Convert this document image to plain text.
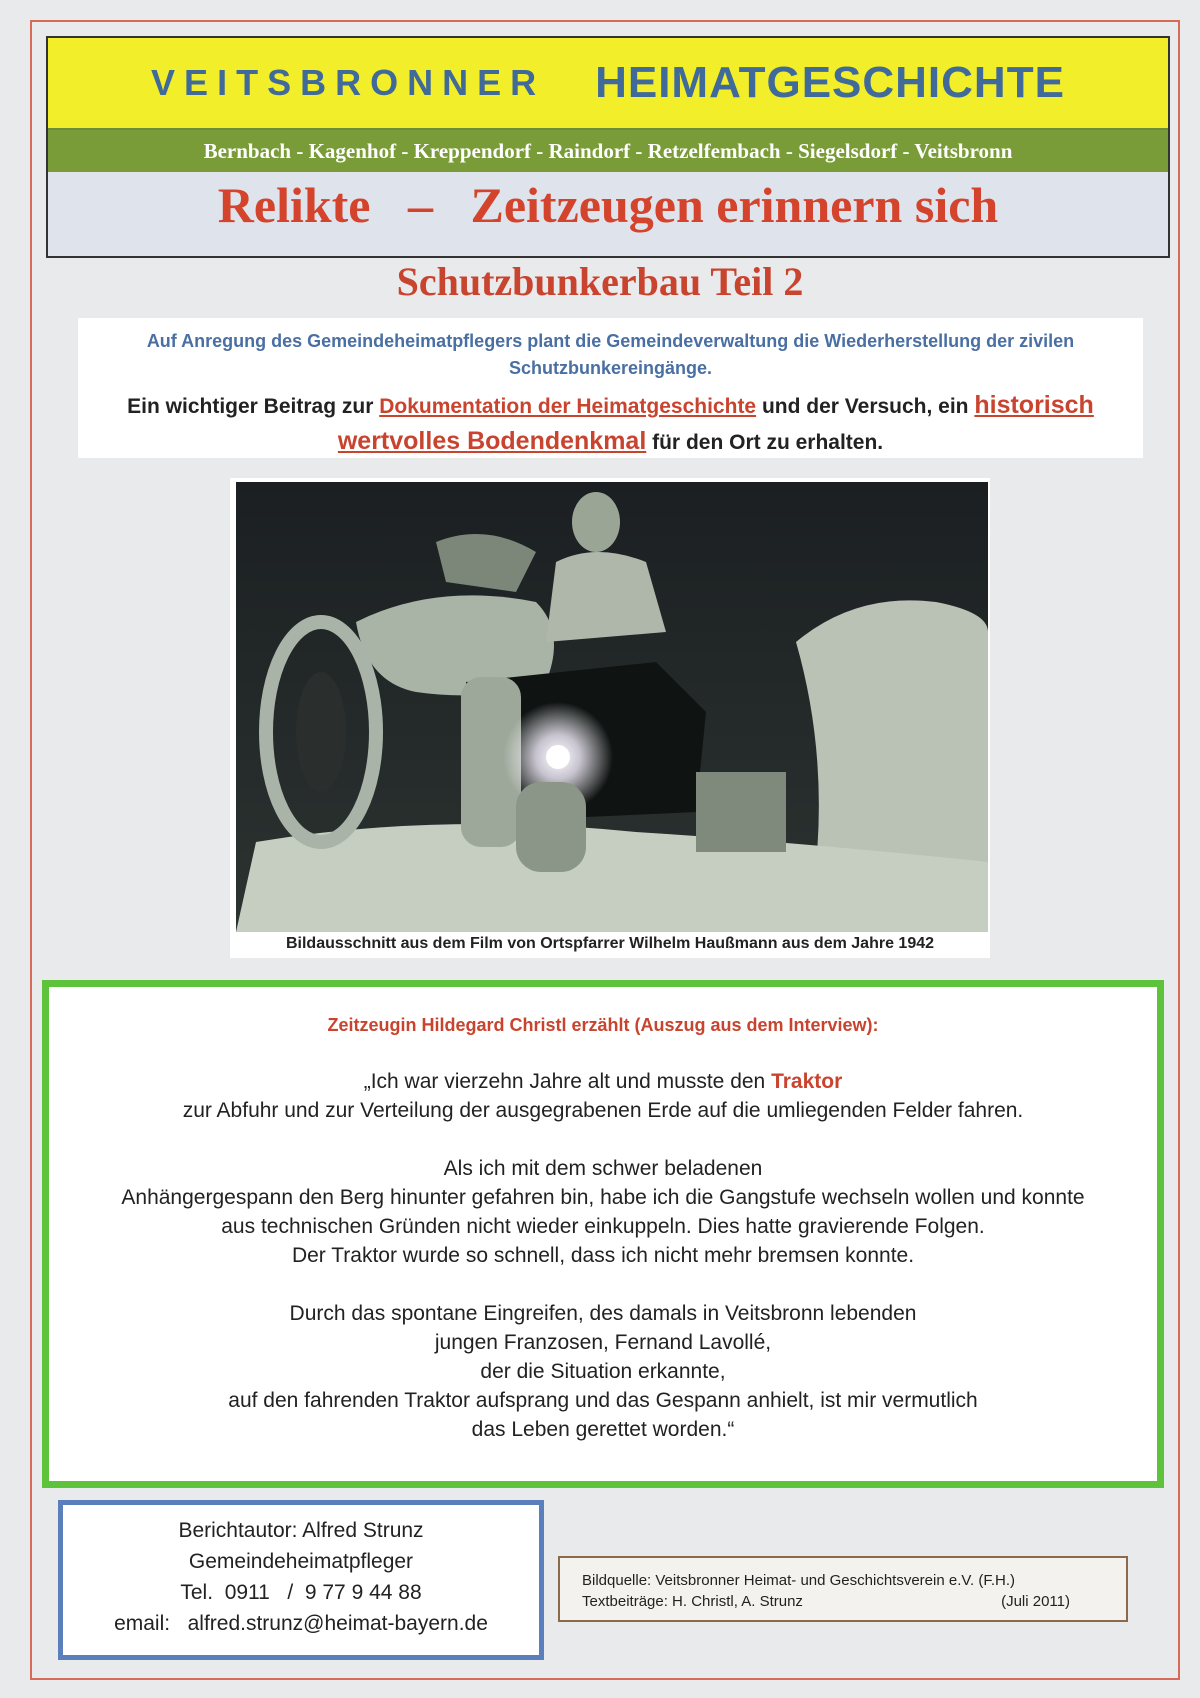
VEITSBRONNER HEIMATGESCHICHTE
Bernbach - Kagenhof - Kreppendorf - Raindorf - Retzelfembach - Siegelsdorf - Veitsbronn
Relikte   –   Zeitzeugen erinnern sich
Schutzbunkerbau Teil 2
Auf Anregung des Gemeindeheimatpflegers plant die Gemeindeverwaltung die Wiederherstellung der zivilen Schutzbunkereingänge.
Ein wichtiger Beitrag zur Dokumentation der Heimatgeschichte und der Versuch, ein historisch wertvolles Bodendenkmal für den Ort zu erhalten.
Bildausschnitt aus dem Film von Ortspfarrer Wilhelm Haußmann aus dem Jahre 1942
Zeitzeugin Hildegard Christl erzählt (Auszug aus dem Interview):
„Ich war vierzehn Jahre alt und musste den Traktor
zur Abfuhr und zur Verteilung der ausgegrabenen Erde auf die umliegenden Felder fahren.
Als ich mit dem schwer beladenen
Anhängergespann den Berg hinunter gefahren bin, habe ich die Gangstufe wechseln wollen und konnte
aus technischen Gründen nicht wieder einkuppeln. Dies hatte gravierende Folgen.
Der Traktor wurde so schnell, dass ich nicht mehr bremsen konnte.
Durch das spontane Eingreifen, des damals in Veitsbronn lebenden
jungen Franzosen, Fernand Lavollé,
der die Situation erkannte,
auf den fahrenden Traktor aufsprang und das Gespann anhielt, ist mir vermutlich
das Leben gerettet worden.“
Berichtautor: Alfred Strunz
Gemeindeheimatpfleger
Tel.  0911   /  9 77 9 44 88
email:   alfred.strunz@heimat-bayern.de
Bildquelle: Veitsbronner Heimat- und Geschichtsverein e.V. (F.H.)
Textbeiträge: H. Christl, A. Strunz	(Juli 2011)
